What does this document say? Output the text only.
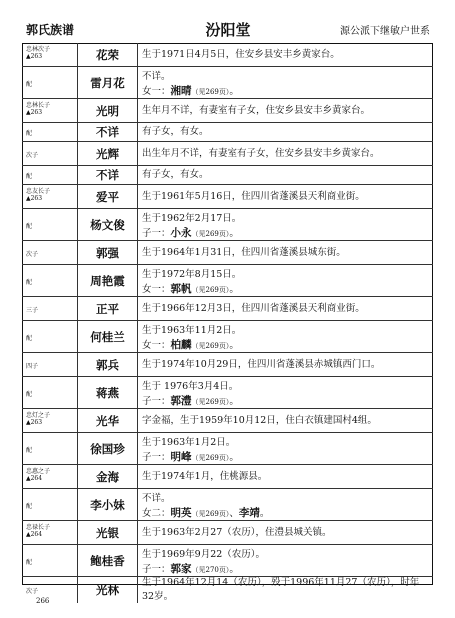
郭氏族谱	汾阳堂	源公派下继敏户世系
忠林次子
▲263	花荣	生于1971日4月5日，住安乡县安丰乡黄家台。
配	雷月花	不详。
女一：湘晴（见269页）。
忠林长子
▲263	光明	生年月不详，有妻室有子女，住安乡县安丰乡黄家台。
配	不详	有子女，有女。
次子	光辉	出生年月不详，有妻室有子女，住安乡县安丰乡黄家台。
配	不详	有子女，有女。
忠友长子
▲263	爱平	生于1961年5月16日，住四川省蓬溪县天利商业街。
配	杨文俊	生于1962年2月17日。
子一：小永（见269页）。
次子	郭强	生于1964年1月31日，住四川省蓬溪县城东街。
配	周艳霞	生于1972年8月15日。
女一：郭帆（见269页）。
三子	正平	生于1966年12月3日，住四川省蓬溪县天利商业街。
配	何桂兰	生于1963年11月2日。
女一：柏麟（见269页）。
四子	郭兵	生于1974年10月29日，住四川省蓬溪县赤城镇西门口。
配	蒋燕	生于 1976年3月4日。
子一：郭澧（见269页）。
忠灯之子
▲263	光华	字金福，生于1959年10月12日，住白衣镇建国村4组。
配	徐国珍	生于1963年1月2日。
子一：明峰（见269页）。
忠惠之子
▲264	金海	生于1974年1月，住桃源县。
配	李小妹	不详。
女二：明英（见269页）、李靖。
忠禄长子
▲264	光银	生于1963年2月27（农历），住澧县城关镇。
配	鲍桂香	生于1969年9月22（农历）。
子一：郭家（见270页）。
次子	光林
生于1964年12月14（农历），殁于1996年11月27（农历），时年32岁。
266
